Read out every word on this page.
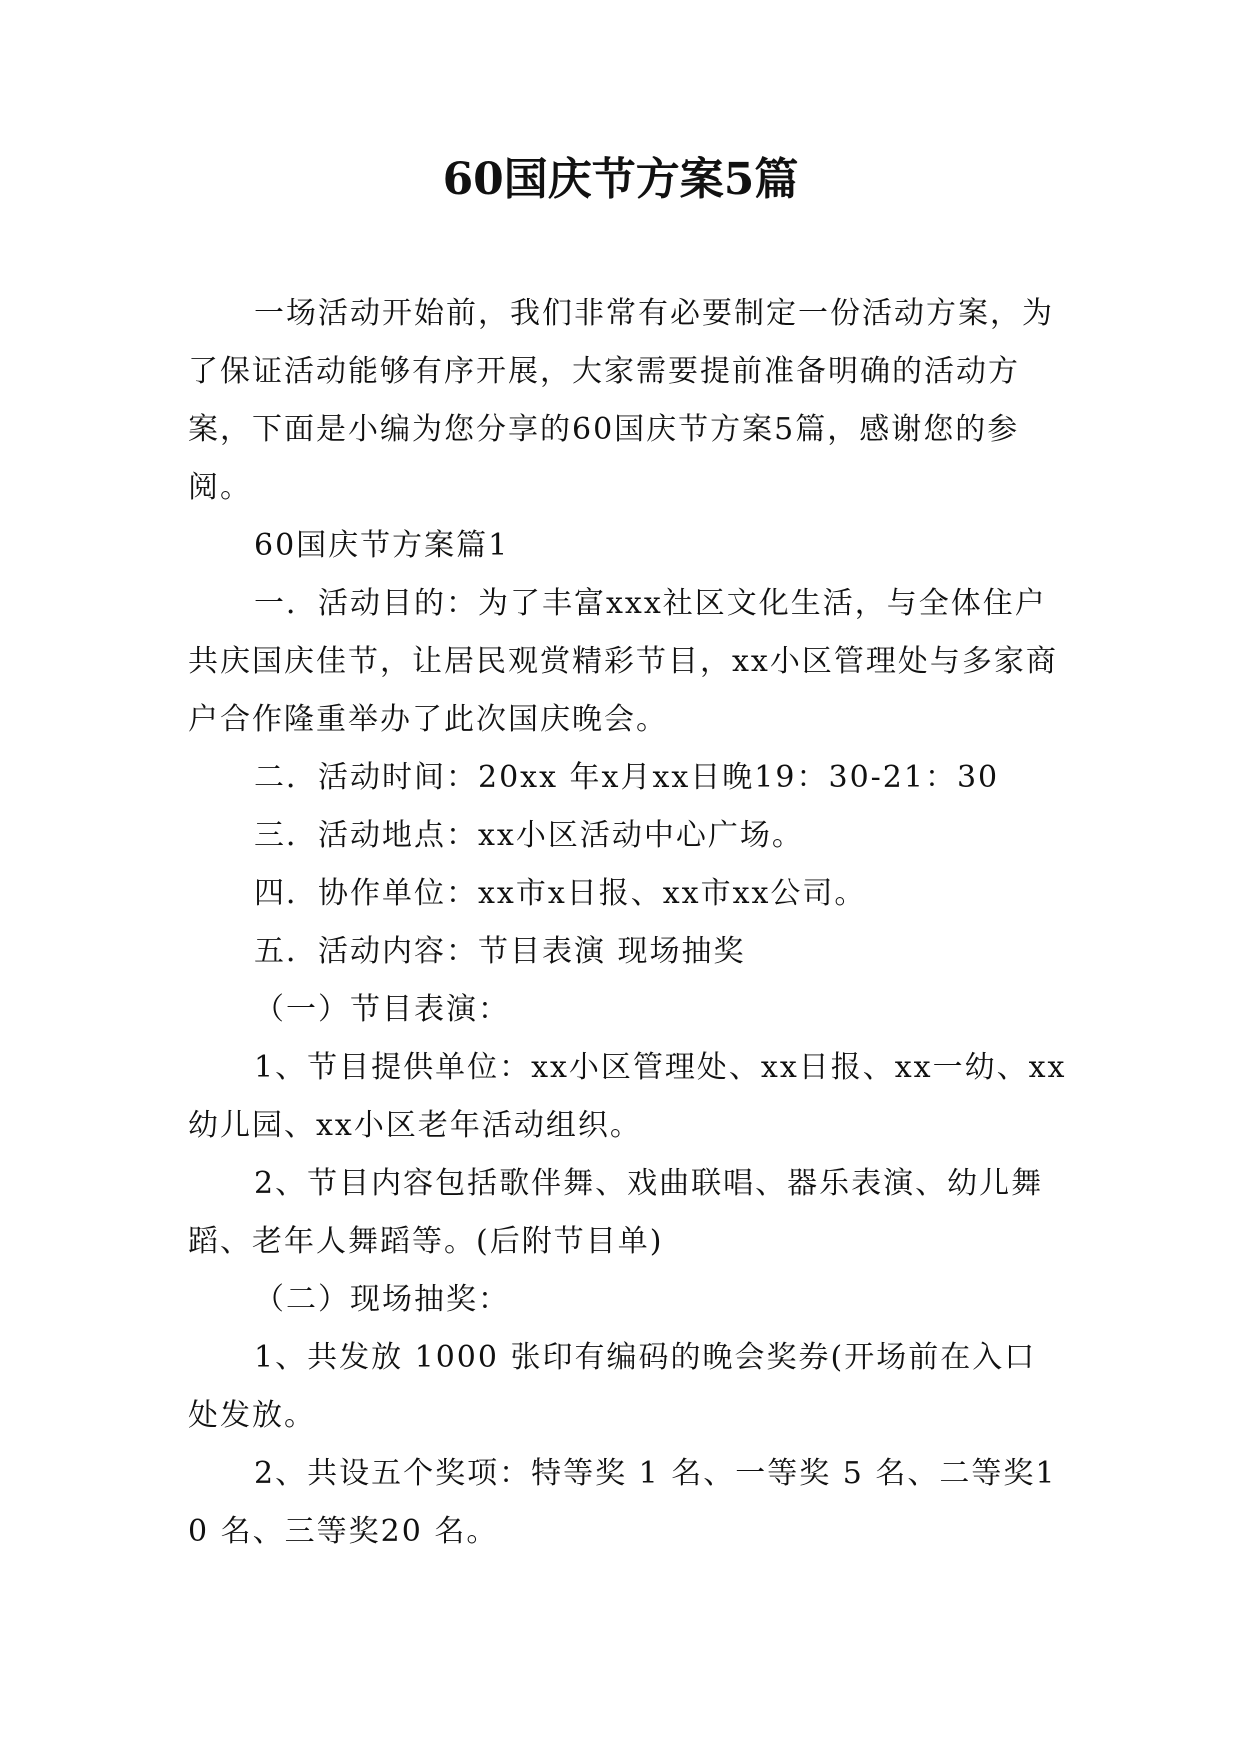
60国庆节方案5篇

一场活动开始前，我们非常有必要制定一份活动方案，为了保证活动能够有序开展，大家需要提前准备明确的活动方案，下面是小编为您分享的60国庆节方案5篇，感谢您的参阅。

60国庆节方案篇1

一．活动目的：为了丰富xxx社区文化生活，与全体住户共庆国庆佳节，让居民观赏精彩节目，xx小区管理处与多家商户合作隆重举办了此次国庆晚会。

二．活动时间：20xx 年x月xx日晚19：30-21：30

三．活动地点：xx小区活动中心广场。

四．协作单位：xx市x日报、xx市xx公司。

五．活动内容：节目表演 现场抽奖

（一）节目表演：

1、节目提供单位：xx小区管理处、xx日报、xx一幼、xx幼儿园、xx小区老年活动组织。

2、节目内容包括歌伴舞、戏曲联唱、器乐表演、幼儿舞蹈、老年人舞蹈等。(后附节目单)

（二）现场抽奖：

1、共发放 1000 张印有编码的晚会奖券(开场前在入口处发放。

2、共设五个奖项：特等奖 1 名、一等奖 5 名、二等奖10 名、三等奖20 名。
